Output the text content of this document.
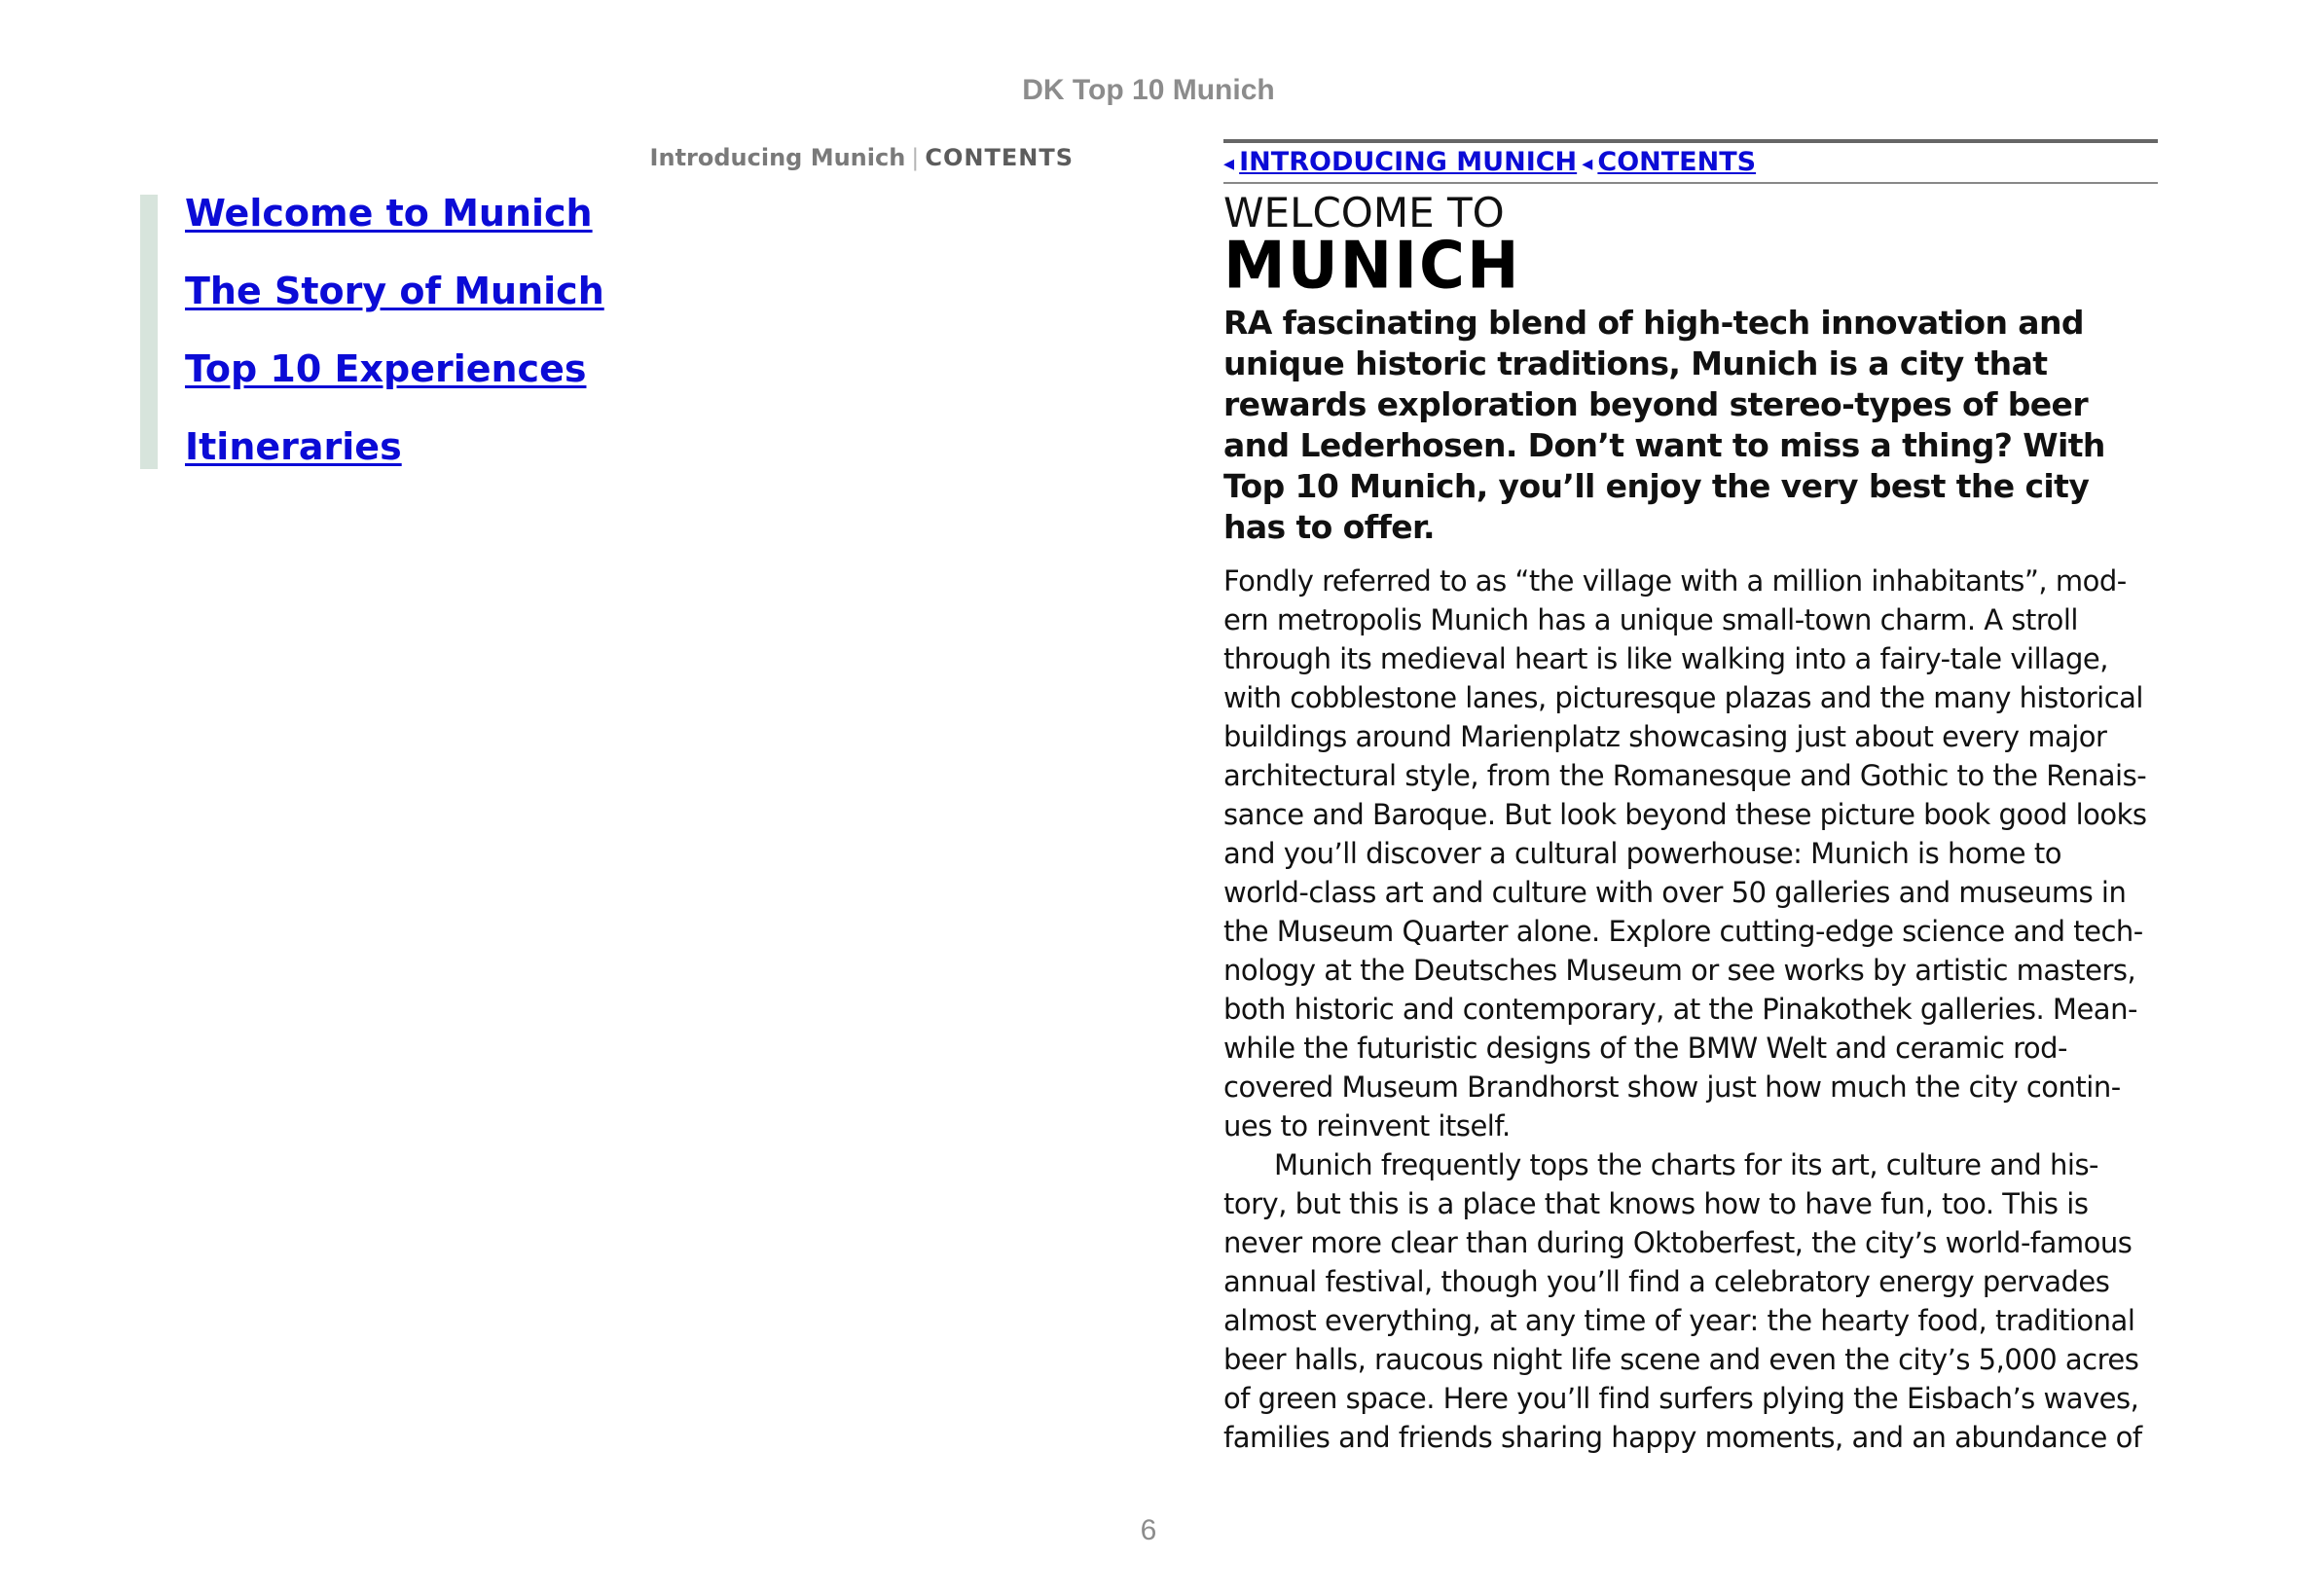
DK Top 10 Munich
Introducing Munich | CONTENTS
Welcome to Munich
The Story of Munich
Top 10 Experiences
Itineraries
◂ INTRODUCING MUNICH ◂ CONTENTS
WELCOME TO
MUNICH
RA fascinating blend of high-tech innovation and unique historic traditions, Munich is a city that rewards exploration beyond stereo-types of beer and Lederhosen. Don’t want to miss a thing? With Top 10 Munich, you’ll enjoy the very best the city has to offer.

Fondly referred to as “the village with a million inhabitants”, mod-
ern metropolis Munich has a unique small-town charm. A stroll
through its medieval heart is like walking into a fairy-tale village,
with cobblestone lanes, picturesque plazas and the many historical
buildings around Marienplatz showcasing just about every major
architectural style, from the Romanesque and Gothic to the Renais-
sance and Baroque. But look beyond these picture book good looks
and you’ll discover a cultural powerhouse: Munich is home to
world-class art and culture with over 50 galleries and museums in
the Museum Quarter alone. Explore cutting-edge science and tech-
nology at the Deutsches Museum or see works by artistic masters,
both historic and contemporary, at the Pinakothek galleries. Mean-
while the futuristic designs of the BMW Welt and ceramic rod-
covered Museum Brandhorst show just how much the city contin-
ues to reinvent itself.

Munich frequently tops the charts for its art, culture and his-
tory, but this is a place that knows how to have fun, too. This is
never more clear than during Oktoberfest, the city’s world-famous
annual festival, though you’ll find a celebratory energy pervades
almost everything, at any time of year: the hearty food, traditional
beer halls, raucous night life scene and even the city’s 5,000 acres
of green space. Here you’ll find surfers plying the Eisbach’s waves,
families and friends sharing happy moments, and an abundance of

6
